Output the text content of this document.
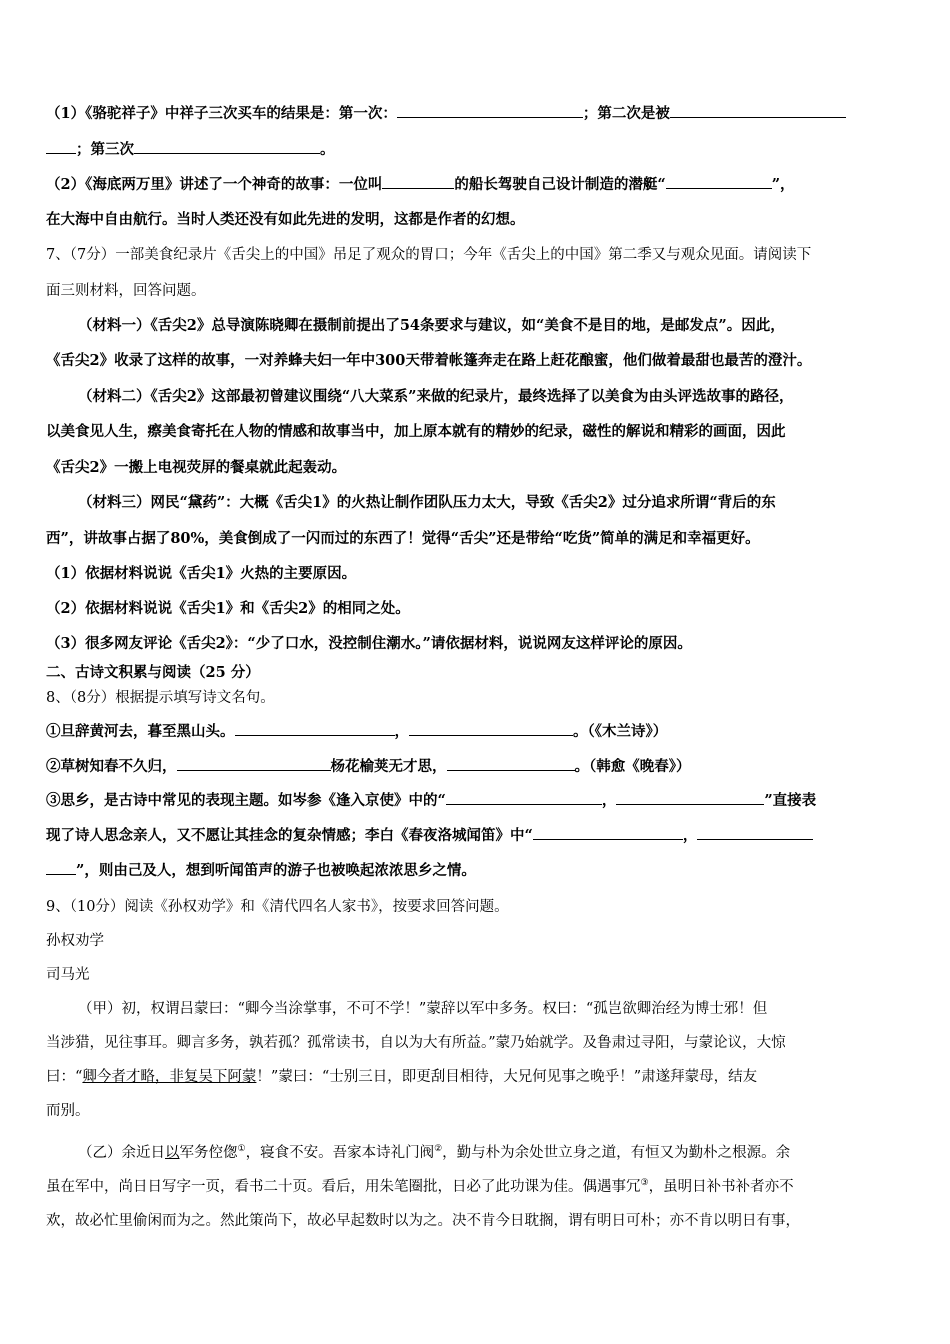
（1）《骆驼祥子》中祥子三次买车的结果是：第一次：	；第二次是被
；第三次	。
（2）《海底两万里》讲述了一个神奇的故事：一位叫	的船长驾驶自己设计制造的潜艇“	”，
在大海中自由航行。当时人类还没有如此先进的发明，这都是作者的幻想。
7、（7分）一部美食纪录片《舌尖上的中国》吊足了观众的胃口；今年《舌尖上的中国》第二季又与观众见面。请阅读下
面三则材料，回答问题。
（材料一）《舌尖2》总导演陈晓卿在摄制前提出了54条要求与建议，如“美食不是目的地，是邮发点”。因此，
《舌尖2》收录了这样的故事，一对养蜂夫妇一年中300天带着帐篷奔走在路上赶花酿蜜，他们做着最甜也最苦的澄汁。
（材料二）《舌尖2》这部最初曾建议围绕“八大菜系”来做的纪录片，最终选择了以美食为由头评选故事的路径，
以美食见人生，瘵美食寄托在人物的情感和故事当中，加上原本就有的精妙的纪录，磁性的解说和精彩的画面，因此
《舌尖2》一搬上电视荧屏的餐桌就此起轰动。
（材料三）网民“黛药”：大概《舌尖1》的火热让制作团队压力太大，导致《舌尖2》过分追求所谓“背后的东
西”，讲故事占据了80%，美食倒成了一闪而过的东西了！觉得“舌尖”还是带给“吃货”简单的满足和幸福更好。
（1）依据材料说说《舌尖1》火热的主要原因。
（2）依据材料说说《舌尖1》和《舌尖2》的相同之处。
（3）很多网友评论《舌尖2》：“少了口水，没控制住潮水。”请依据材料，说说网友这样评论的原因。
二、古诗文积累与阅读（25 分）
8、（8分）根据提示填写诗文名句。
①旦辞黄河去，暮至黑山头。	，	。（《木兰诗》）
②草树知春不久归，	杨花榆荚无才思，	。（韩愈《晚春》）
③思乡，是古诗中常见的表现主题。如岑参《逢入京使》中的“	，	”直接表
现了诗人思念亲人，又不愿让其挂念的复杂情感；李白《春夜洛城闻笛》中“	，
”，则由己及人，想到听闻笛声的游子也被唤起浓浓思乡之情。
9、（10分）阅读《孙权劝学》和《清代四名人家书》，按要求回答问题。
孙权劝学
司马光
（甲）初，权谓吕蒙曰：“卿今当涂掌事，不可不学！”蒙辞以军中多务。权曰：“孤岂欲卿治经为博士邪！但
当涉猎，见往事耳。卿言多务，孰若孤？孤常读书，自以为大有所益。”蒙乃始就学。及鲁肃过寻阳，与蒙论议，大惊
曰：“卿今者才略，非复吴下阿蒙！”蒙曰：“士别三日，即更刮目相待，大兄何见事之晚乎！”肃遂拜蒙母，结友
而别。
（乙）余近日以军务倥偬①，寝食不安。吾家本诗礼门阀②，勤与朴为余处世立身之道，有恒又为勤朴之根源。余
虽在军中，尚日日写字一页，看书二十页。看后，用朱笔圈批，日必了此功课为佳。偶遇事冗③，虽明日补书补者亦不
欢，故必忙里偷闲而为之。然此策尚下，故必早起数时以为之。决不肯今日耽搁，谓有明日可朴；亦不肯以明日有事，
